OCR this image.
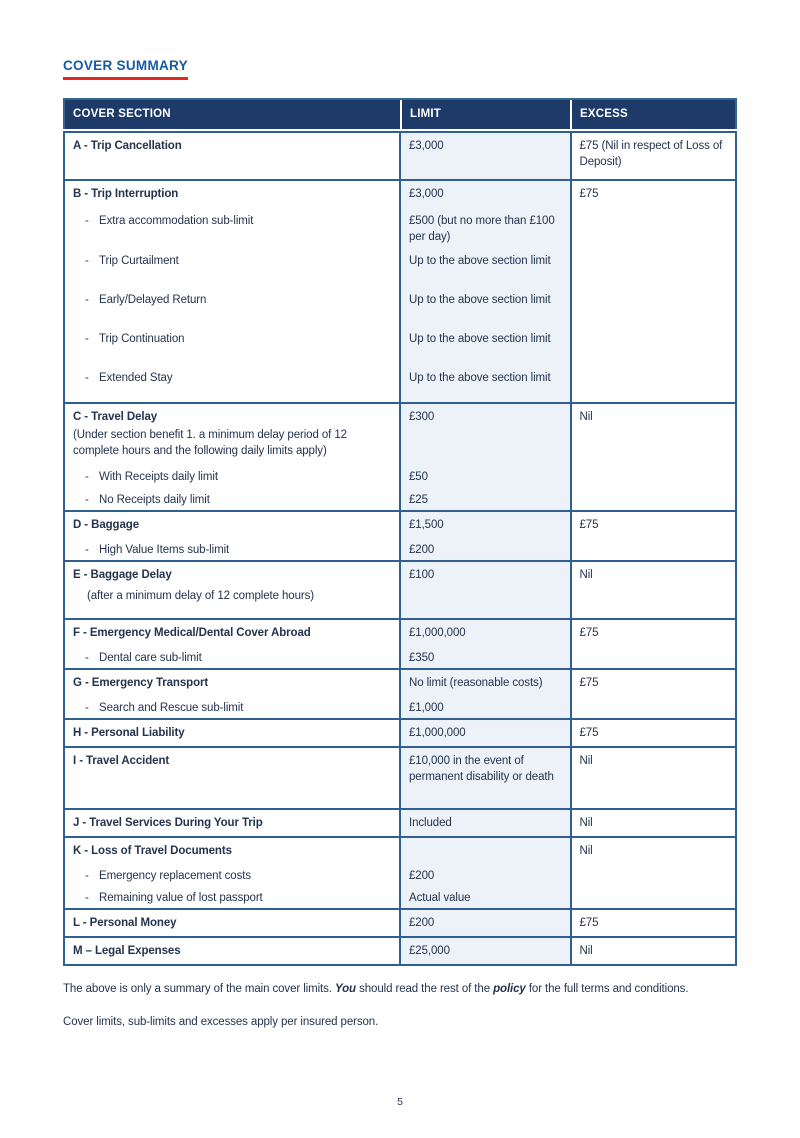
COVER SUMMARY
COVER SECTION	LIMIT	EXCESS
A - Trip Cancellation	£3,000	£75 (Nil in respect of Loss of Deposit)
B - Trip Interruption	£3,000	£75

- Extra accommodation sub-limit	£500 (but no more than £100 per day)	

- Trip Curtailment	Up to the above section limit	

- Early/Delayed Return	Up to the above section limit	

- Trip Continuation	Up to the above section limit	

- Extended Stay	Up to the above section limit	
C - Travel Delay
(Under section benefit 1. a minimum delay period of 12 complete hours and the following daily limits apply)	£300	Nil

- With Receipts daily limit	£50	

- No Receipts daily limit	£25	
D - Baggage	£1,500	£75

- High Value Items sub-limit	£200	
E - Baggage Delay
(after a minimum delay of 12 complete hours)	£100	Nil
F - Emergency Medical/Dental Cover Abroad	£1,000,000	£75

- Dental care sub-limit	£350	
G - Emergency Transport	No limit (reasonable costs)	£75

- Search and Rescue sub-limit	£1,000	
H - Personal Liability	£1,000,000	£75
I - Travel Accident	£10,000 in the event of permanent disability or death	Nil
J - Travel Services During Your Trip	Included	Nil
K - Loss of Travel Documents		Nil

- Emergency replacement costs	£200	

- Remaining value of lost passport	Actual value	
L - Personal Money	£200	£75
M – Legal Expenses	£25,000	Nil

The above is only a summary of the main cover limits. You should read the rest of the policy for the full terms and conditions.

Cover limits, sub-limits and excesses apply per insured person.

5
